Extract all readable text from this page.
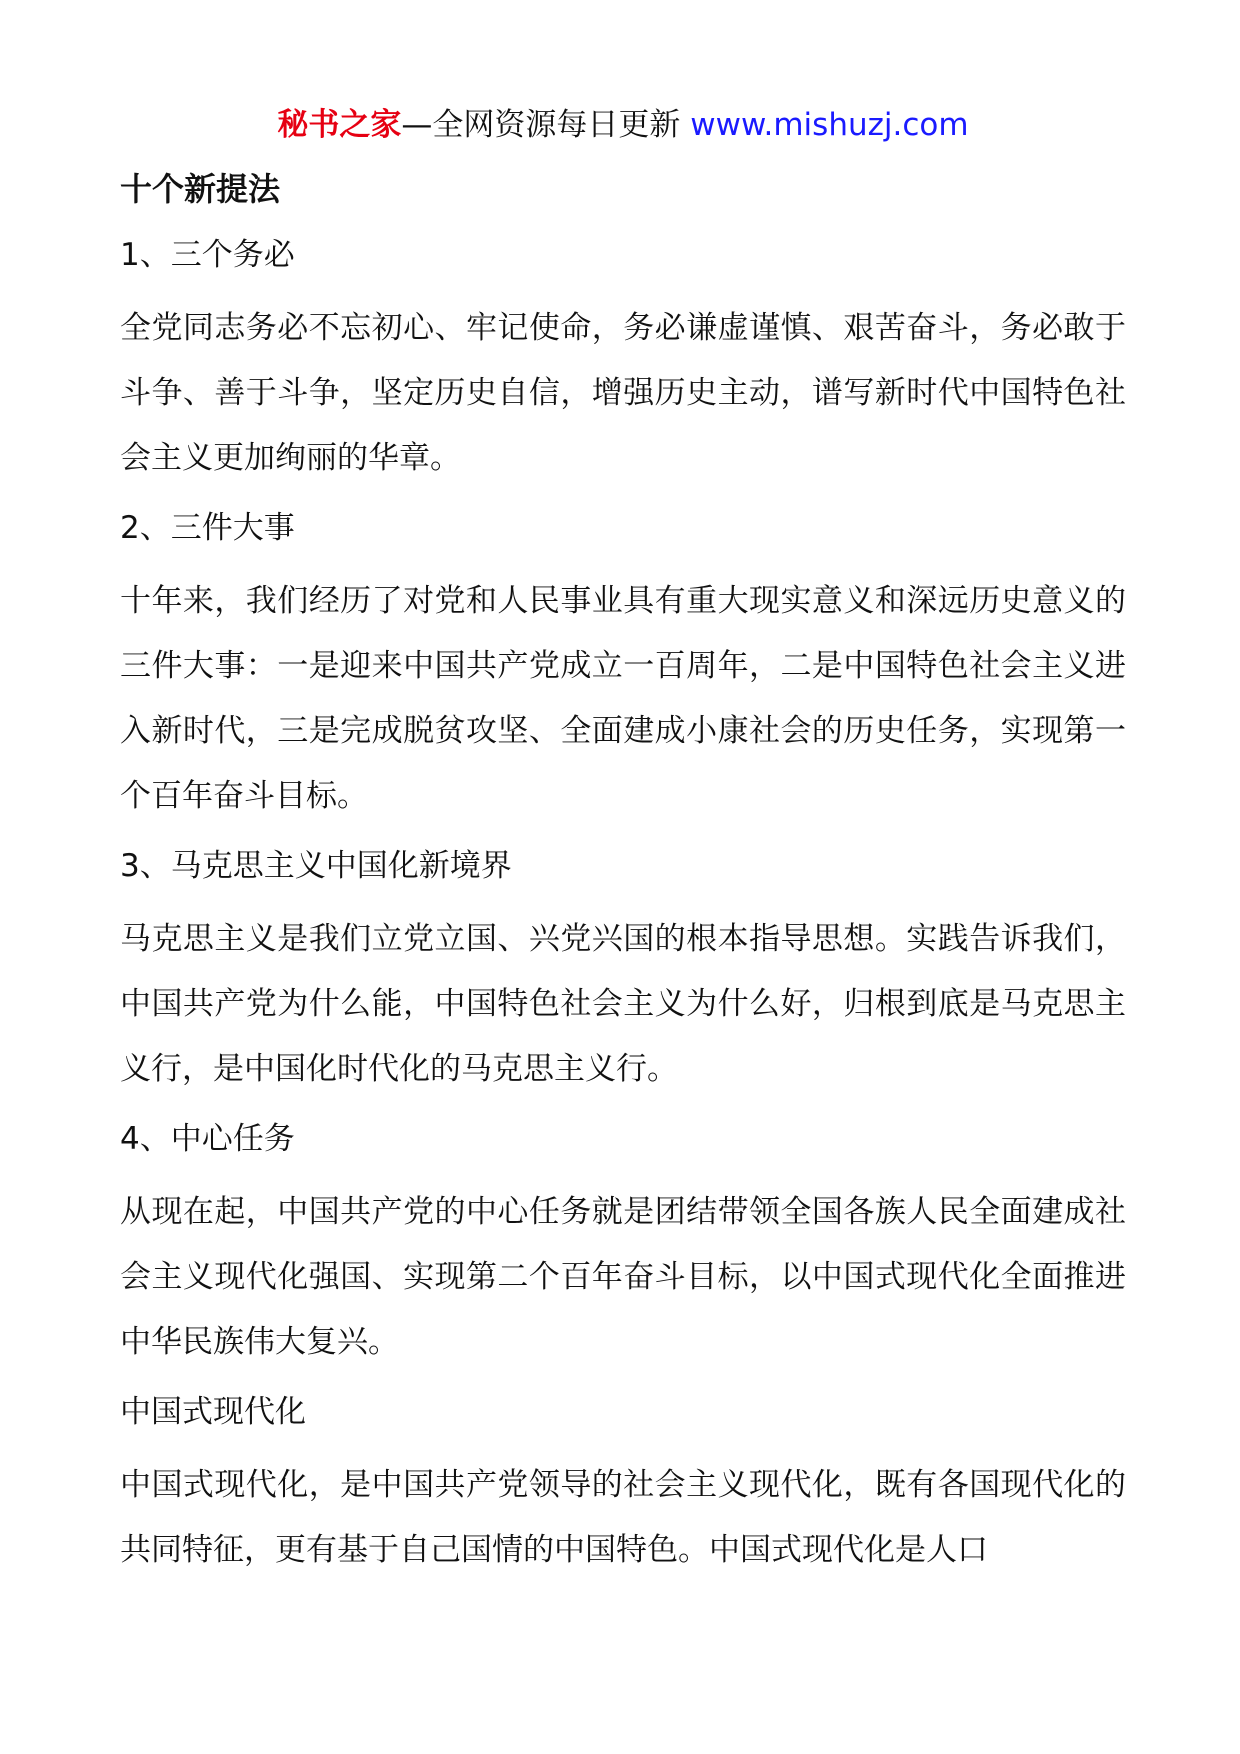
秘书之家—全网资源每日更新 www.mishuzj.com
十个新提法
1、三个务必
全党同志务必不忘初心、牢记使命，务必谦虚谨慎、艰苦奋斗，务必敢于斗争、善于斗争，坚定历史自信，增强历史主动，谱写新时代中国特色社会主义更加绚丽的华章。
2、三件大事
十年来，我们经历了对党和人民事业具有重大现实意义和深远历史意义的三件大事：一是迎来中国共产党成立一百周年，二是中国特色社会主义进入新时代，三是完成脱贫攻坚、全面建成小康社会的历史任务，实现第一个百年奋斗目标。
3、马克思主义中国化新境界
马克思主义是我们立党立国、兴党兴国的根本指导思想。实践告诉我们，中国共产党为什么能，中国特色社会主义为什么好，归根到底是马克思主义行，是中国化时代化的马克思主义行。
4、中心任务
从现在起，中国共产党的中心任务就是团结带领全国各族人民全面建成社会主义现代化强国、实现第二个百年奋斗目标，以中国式现代化全面推进中华民族伟大复兴。
中国式现代化
中国式现代化，是中国共产党领导的社会主义现代化，既有各国现代化的共同特征，更有基于自己国情的中国特色。中国式现代化是人口
